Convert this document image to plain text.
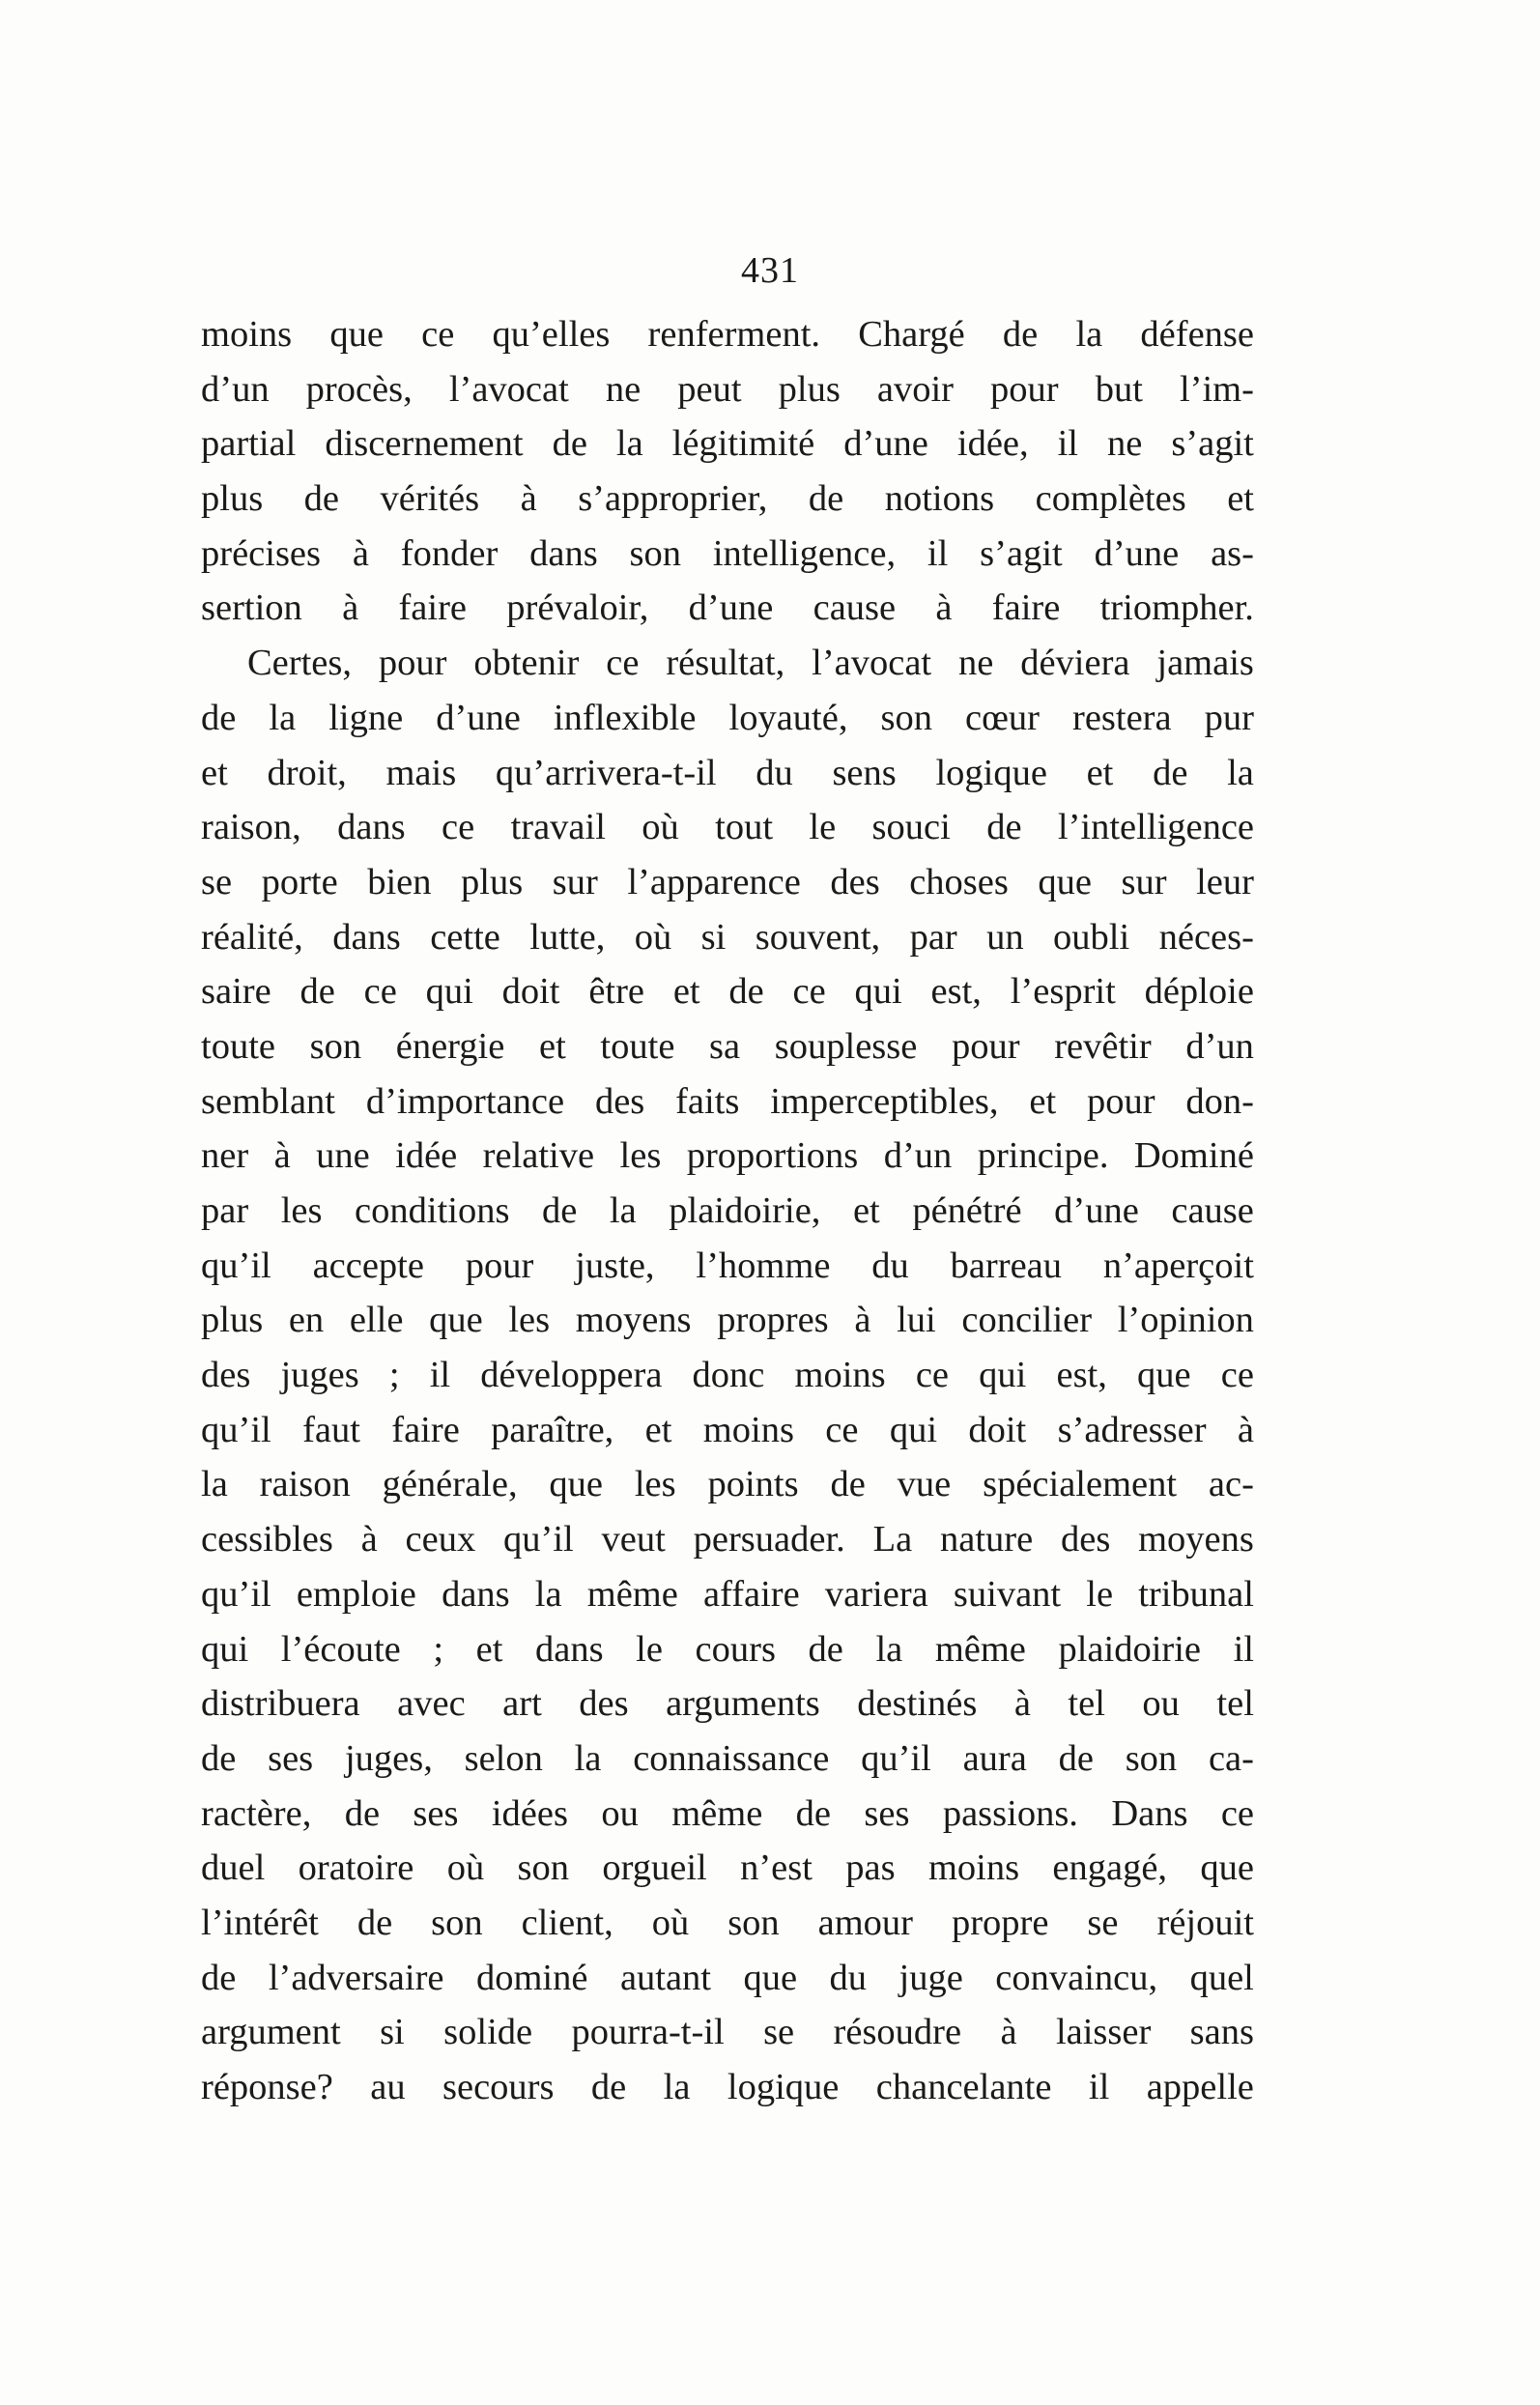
431
moins que ce qu’elles renferment. Chargé de la défense
d’un procès, l’avocat ne peut plus avoir pour but l’im-
partial discernement de la légitimité d’une idée, il ne s’agit
plus de vérités à s’approprier, de notions complètes et
précises à fonder dans son intelligence, il s’agit d’une as-
sertion à faire prévaloir, d’une cause à faire triompher.
Certes, pour obtenir ce résultat, l’avocat ne déviera jamais
de la ligne d’une inflexible loyauté, son cœur restera pur
et droit, mais qu’arrivera-t-il du sens logique et de la
raison, dans ce travail où tout le souci de l’intelligence
se porte bien plus sur l’apparence des choses que sur leur
réalité, dans cette lutte, où si souvent, par un oubli néces-
saire de ce qui doit être et de ce qui est, l’esprit déploie
toute son énergie et toute sa souplesse pour revêtir d’un
semblant d’importance des faits imperceptibles, et pour don-
ner à une idée relative les proportions d’un principe. Dominé
par les conditions de la plaidoirie, et pénétré d’une cause
qu’il accepte pour juste, l’homme du barreau n’aperçoit
plus en elle que les moyens propres à lui concilier l’opinion
des juges ; il développera donc moins ce qui est, que ce
qu’il faut faire paraître, et moins ce qui doit s’adresser à
la raison générale, que les points de vue spécialement ac-
cessibles à ceux qu’il veut persuader. La nature des moyens
qu’il emploie dans la même affaire variera suivant le tribunal
qui l’écoute ; et dans le cours de la même plaidoirie il
distribuera avec art des arguments destinés à tel ou tel
de ses juges, selon la connaissance qu’il aura de son ca-
ractère, de ses idées ou même de ses passions. Dans ce
duel oratoire où son orgueil n’est pas moins engagé, que
l’intérêt de son client, où son amour propre se réjouit
de l’adversaire dominé autant que du juge convaincu, quel
argument si solide pourra-t-il se résoudre à laisser sans
réponse? au secours de la logique chancelante il appelle
